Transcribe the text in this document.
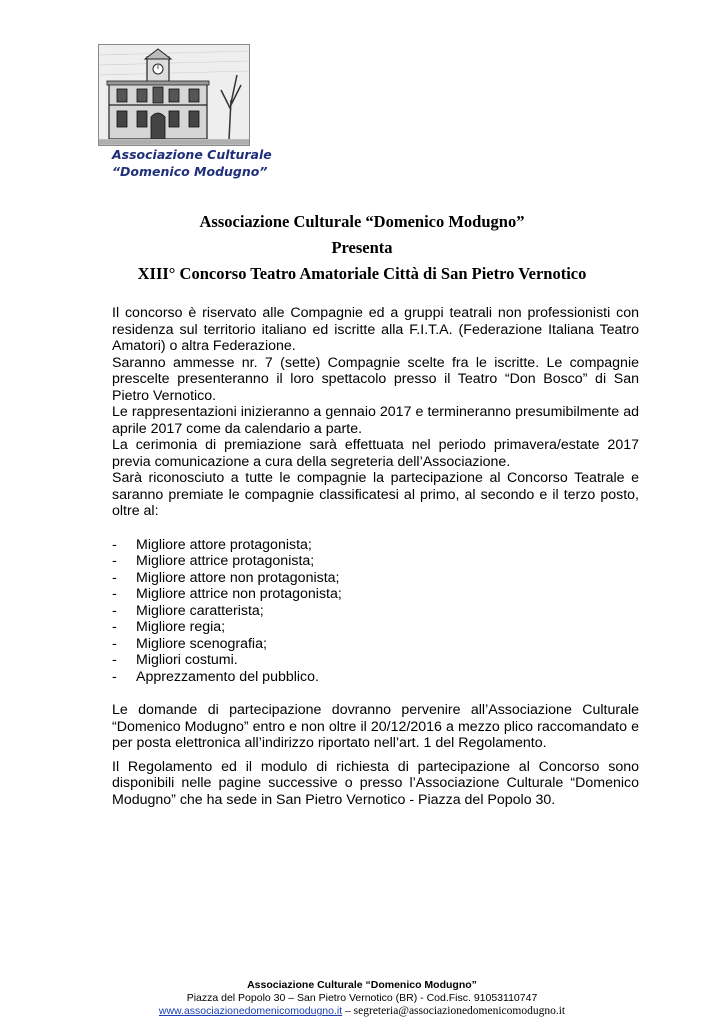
Associazione Culturale
“Domenico Modugno”
Associazione Culturale “Domenico Modugno”
Presenta
XIII° Concorso Teatro Amatoriale Città di San Pietro Vernotico

Il concorso è riservato alle Compagnie ed a gruppi teatrali non professionisti con residenza sul territorio italiano ed iscritte alla F.I.T.A. (Federazione Italiana Teatro Amatori) o altra Federazione.

Saranno ammesse nr. 7 (sette) Compagnie scelte fra le iscritte. Le compagnie prescelte presenteranno il loro spettacolo presso il Teatro “Don Bosco” di San Pietro Vernotico.

Le rappresentazioni inizieranno a gennaio 2017 e termineranno presumibilmente ad aprile 2017 come da calendario a parte.

La cerimonia di premiazione sarà effettuata nel periodo primavera/estate 2017 previa comunicazione a cura della segreteria dell’Associazione.

Sarà riconosciuto a tutte le compagnie la partecipazione al Concorso Teatrale e saranno premiate le compagnie classificatesi al primo, al secondo e il terzo posto, oltre al:

- Migliore attore protagonista;
- Migliore attrice protagonista;
- Migliore attore non protagonista;
- Migliore attrice non protagonista;
- Migliore caratterista;
- Migliore regia;
- Migliore scenografia;
- Migliori costumi.
- Apprezzamento del pubblico.

Le domande di partecipazione dovranno pervenire all’Associazione Culturale “Domenico Modugno” entro e non oltre il 20/12/2016 a mezzo plico raccomandato e per posta elettronica all’indirizzo riportato nell’art. 1 del Regolamento.

Il Regolamento ed il modulo di richiesta di partecipazione al Concorso sono disponibili nelle pagine successive o presso l’Associazione Culturale “Domenico Modugno” che ha sede in San Pietro Vernotico - Piazza del Popolo 30.

Associazione Culturale “Domenico Modugno”
Piazza del Popolo 30 – San Pietro Vernotico (BR) - Cod.Fisc. 91053110747
www.associazionedomenicomodugno.it – segreteria@associazionedomenicomodugno.it
